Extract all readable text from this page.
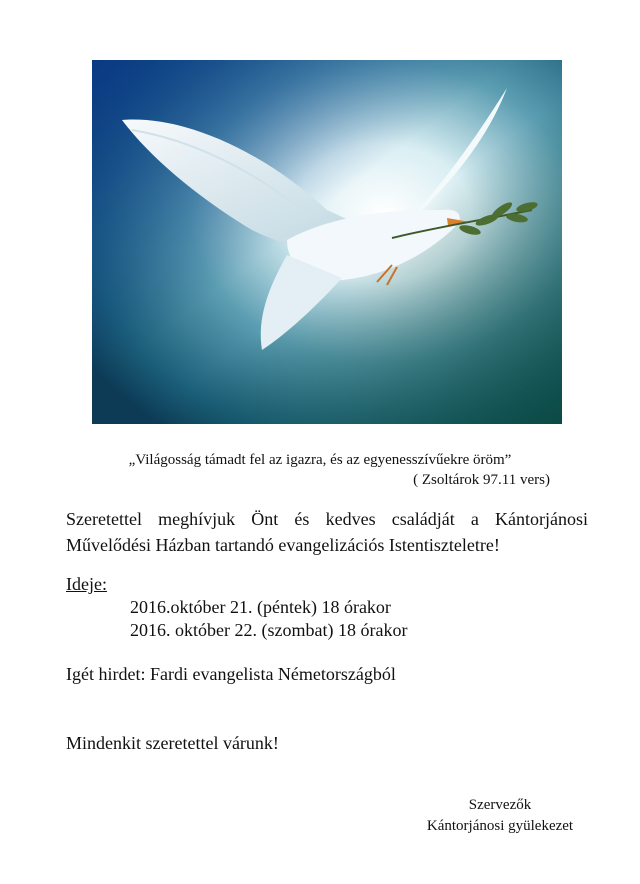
„Világosság támadt fel az igazra, és az egyenesszívűekre öröm”
( Zsoltárok 97.11 vers)
Szeretettel meghívjuk Önt és kedves családját a Kántorjánosi
Művelődési Házban tartandó evangelizációs Istentiszteletre!
Ideje:
2016.október 21. (péntek) 18 órakor
2016. október 22. (szombat) 18 órakor
Igét hirdet: Fardi evangelista Németországból
Mindenkit szeretettel várunk!
Szervezők
Kántorjánosi gyülekezet
